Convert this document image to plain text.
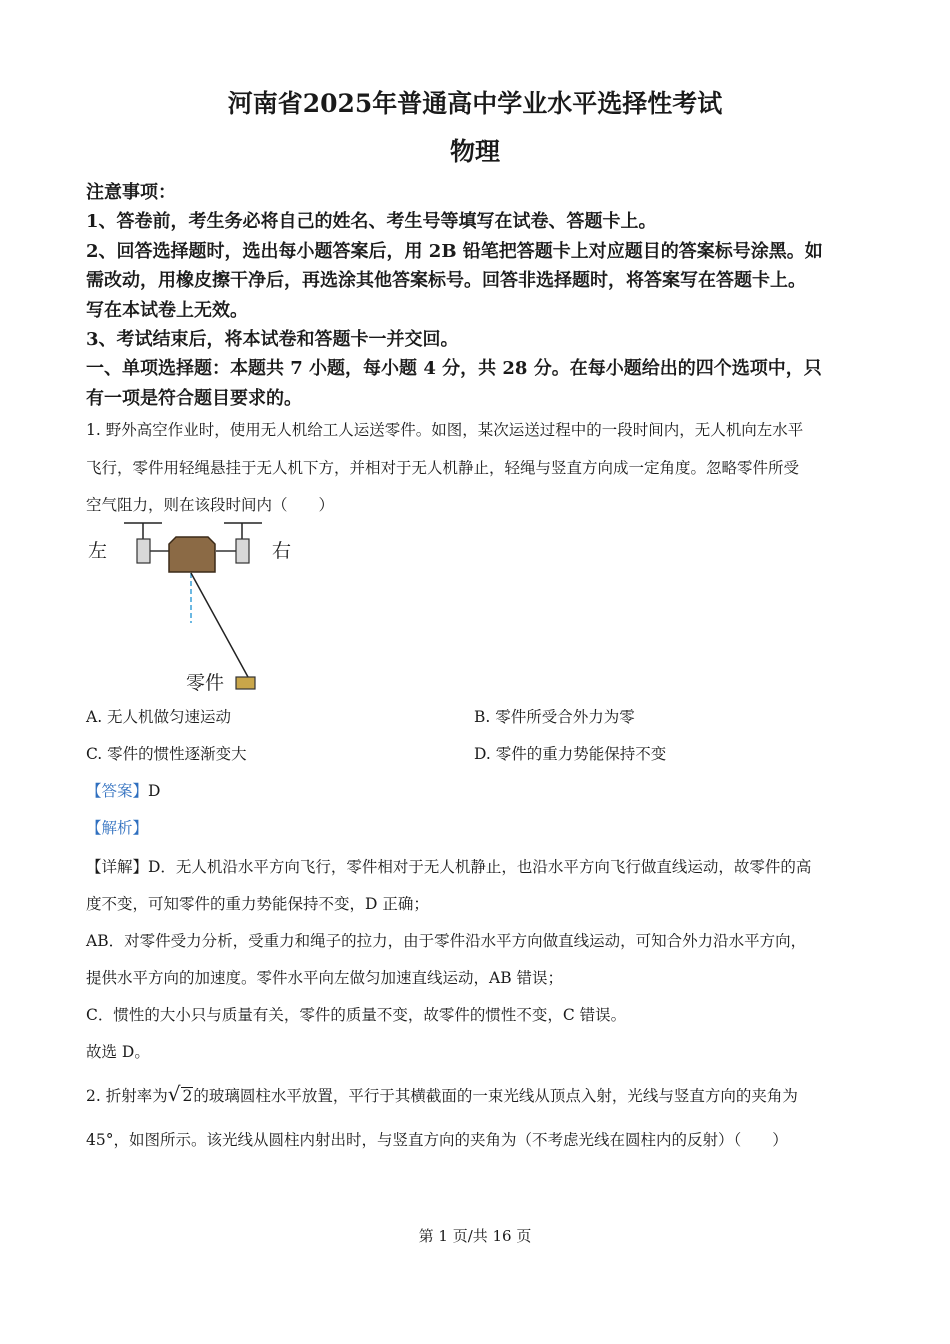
河南省2025年普通高中学业水平选择性考试
物理
注意事项：
1、答卷前，考生务必将自己的姓名、考生号等填写在试卷、答题卡上。
2、回答选择题时，选出每小题答案后，用 2B 铅笔把答题卡上对应题目的答案标号涂黑。如
需改动，用橡皮擦干净后，再选涂其他答案标号。回答非选择题时，将答案写在答题卡上。
写在本试卷上无效。
3、考试结束后，将本试卷和答题卡一并交回。
一、单项选择题：本题共 7 小题，每小题 4 分，共 28 分。在每小题给出的四个选项中，只
有一项是符合题目要求的。
1. 野外高空作业时，使用无人机给工人运送零件。如图，某次运送过程中的一段时间内，无人机向左水平
飞行，零件用轻绳悬挂于无人机下方，并相对于无人机静止，轻绳与竖直方向成一定角度。忽略零件所受
空气阻力，则在该段时间内（　　）
左	右
零件
A. 无人机做匀速运动	B. 零件所受合外力为零
C. 零件的惯性逐渐变大	D. 零件的重力势能保持不变
【答案】D
【解析】
【详解】D．无人机沿水平方向飞行，零件相对于无人机静止，也沿水平方向飞行做直线运动，故零件的高
度不变，可知零件的重力势能保持不变，D 正确；
AB．对零件受力分析，受重力和绳子的拉力，由于零件沿水平方向做直线运动，可知合外力沿水平方向，
提供水平方向的加速度。零件水平向左做匀加速直线运动，AB 错误；
C．惯性的大小只与质量有关，零件的质量不变，故零件的惯性不变，C 错误。
故选 D。
2. 折射率为√ 2的玻璃圆柱水平放置，平行于其横截面的一束光线从顶点入射，光线与竖直方向的夹角为
45°，如图所示。该光线从圆柱内射出时，与竖直方向的夹角为（不考虑光线在圆柱内的反射）（　　）
第 1 页/共 16 页
